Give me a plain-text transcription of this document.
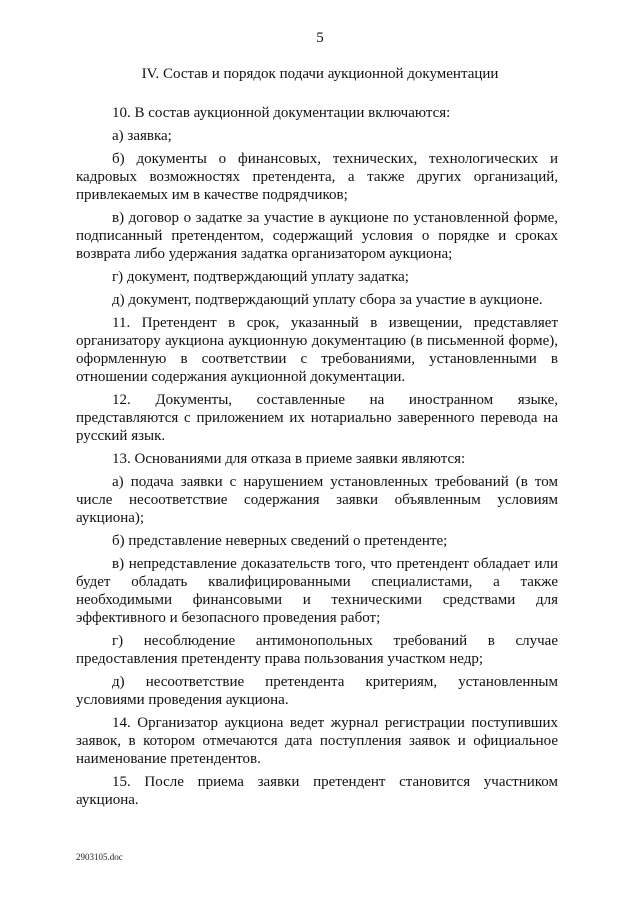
5
IV. Состав и порядок подачи аукционной документации

10. В состав аукционной документации включаются:

а) заявка;

б) документы о финансовых, технических, технологических и кадровых возможностях претендента, а также других организаций, привлекаемых им в качестве подрядчиков;

в) договор о задатке за участие в аукционе по установленной форме, подписанный претендентом, содержащий условия о порядке и сроках возврата либо удержания задатка организатором аукциона;

г) документ, подтверждающий уплату задатка;

д) документ, подтверждающий уплату сбора за участие в аукционе.

11. Претендент в срок, указанный в извещении, представляет организатору аукциона аукционную документацию (в письменной форме), оформленную в соответствии с требованиями, установленными в отношении содержания аукционной документации.

12. Документы, составленные на иностранном языке, представляются с приложением их нотариально заверенного перевода на русский язык.

13. Основаниями для отказа в приеме заявки являются:

а) подача заявки с нарушением установленных требований (в том числе несоответствие содержания заявки объявленным условиям аукциона);

б) представление неверных сведений о претенденте;

в) непредставление доказательств того, что претендент обладает или будет обладать квалифицированными специалистами, а также необходимыми финансовыми и техническими средствами для эффективного и безопасного проведения работ;

г) несоблюдение антимонопольных требований в случае предоставления претенденту права пользования участком недр;

д) несоответствие претендента критериям, установленным условиями проведения аукциона.

14. Организатор аукциона ведет журнал регистрации поступивших заявок, в котором отмечаются дата поступления заявок и официальное наименование претендентов.

15. После приема заявки претендент становится участником аукциона.

2903105.doc
